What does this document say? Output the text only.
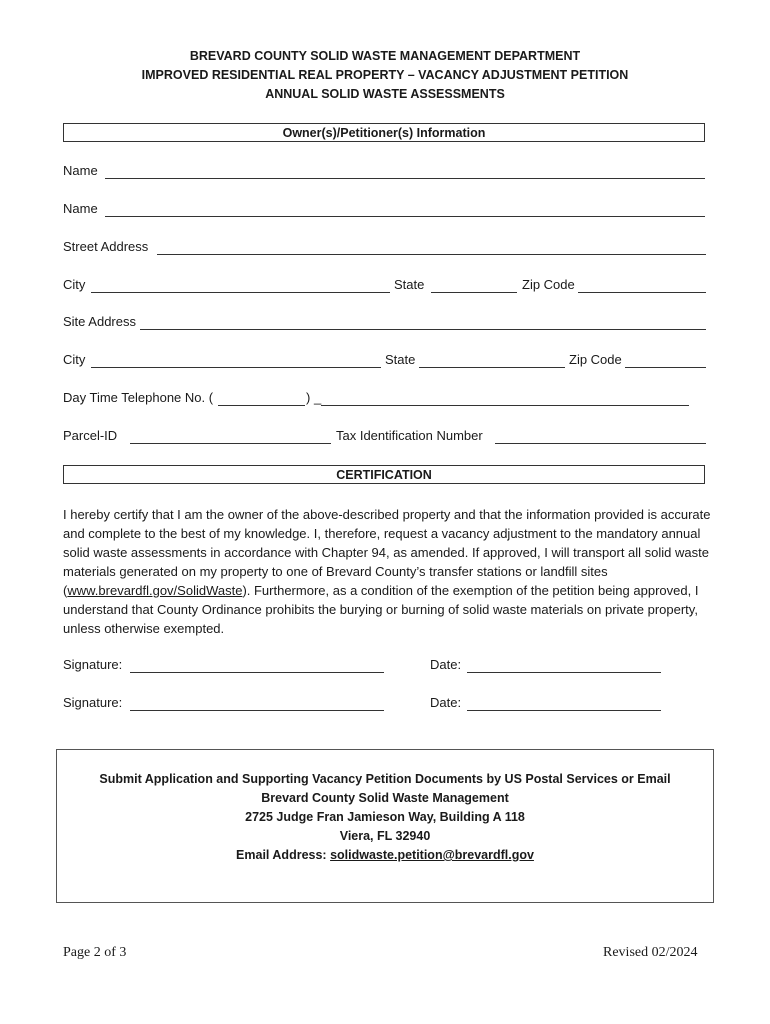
BREVARD COUNTY SOLID WASTE MANAGEMENT DEPARTMENT
IMPROVED RESIDENTIAL REAL PROPERTY – VACANCY ADJUSTMENT PETITION
ANNUAL SOLID WASTE ASSESSMENTS
Owner(s)/Petitioner(s) Information
Name
Name
Street Address
City	State	Zip Code
Site Address
City	State	Zip Code
Day Time Telephone No. (	) _
Parcel-ID	Tax Identification Number
CERTIFICATION

I hereby certify that I am the owner of the above-described property and that the information provided is accurate and complete to the best of my knowledge. I, therefore, request a vacancy adjustment to the mandatory annual solid waste assessments in accordance with Chapter 94, as amended. If approved, I will transport all solid waste materials generated on my property to one of Brevard County’s transfer stations or landfill sites (www.brevardfl.gov/SolidWaste). Furthermore, as a condition of the exemption of the petition being approved, I understand that County Ordinance prohibits the burying or burning of solid waste materials on private property, unless otherwise exempted.

Signature:	Date:
Signature:	Date:
Submit Application and Supporting Vacancy Petition Documents by US Postal Services or Email
Brevard County Solid Waste Management
2725 Judge Fran Jamieson Way, Building A 118
Viera, FL 32940
Email Address: solidwaste.petition@brevardfl.gov
Page 2 of 3	Revised 02/2024
